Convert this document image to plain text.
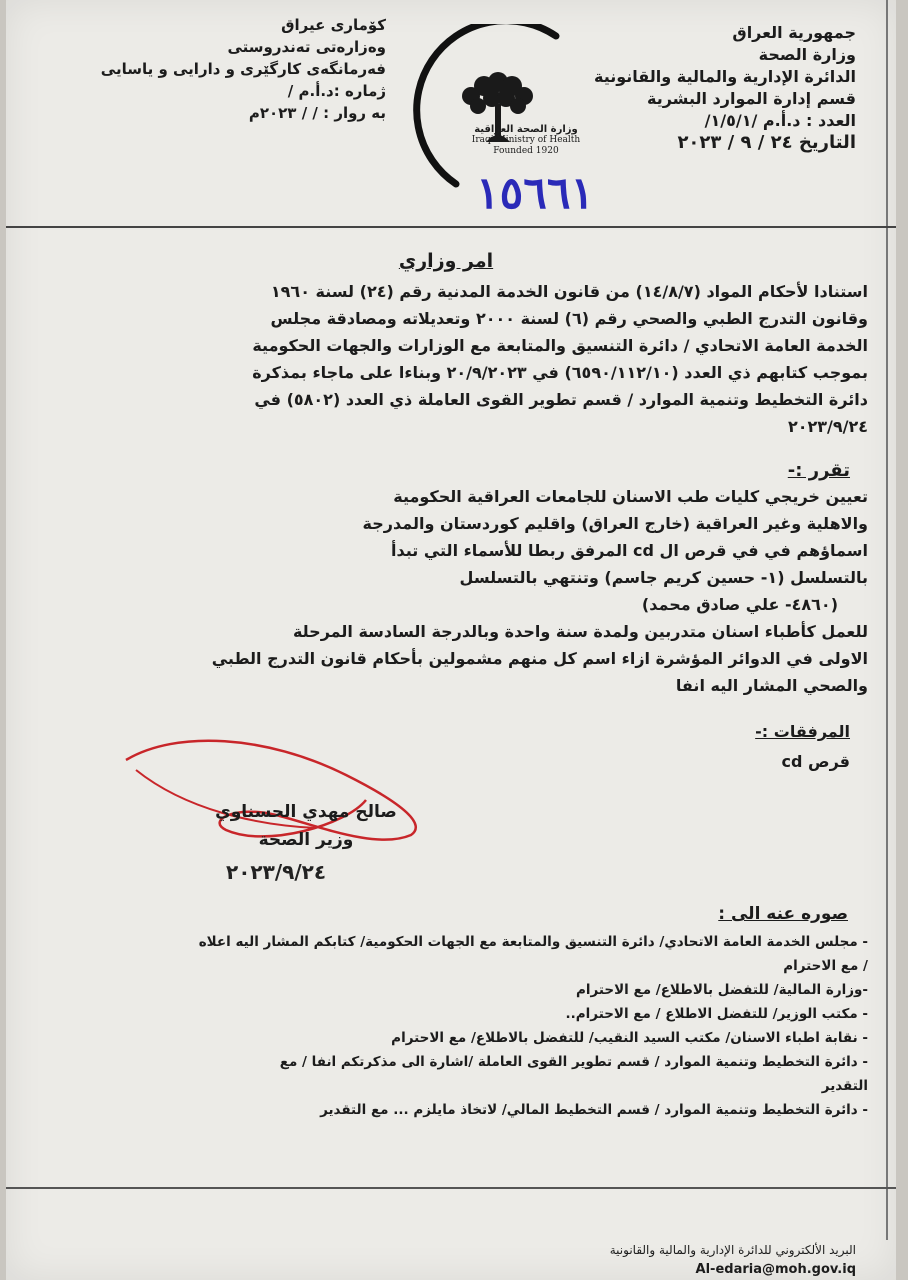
جمهورية العراق
وزارة الصحة
الدائرة الإدارية والمالية والقانونية
قسم إدارة الموارد البشرية
العدد : د.أ.م /١/٥/١/
التاريخ ٢٤ / ٩ / ٢٠٢٣
كۆماری عیراق
وەزارەتی تەندروستی
فەرمانگەی كارگێری و دارایی و یاسایی
ژمارە :د.أ.م /
بە روار : / / ٢٠٢٣م
وزارة الصحة العراقية
Iraqi Ministry of Health
Founded 1920
١٥٦٦١
امر وزاري

استنادا لأحكام المواد (١٤/٨/٧) من قانون الخدمة المدنية رقم (٢٤) لسنة ١٩٦٠

وقانون التدرج الطبي والصحي رقم (٦) لسنة ٢٠٠٠ وتعديلاته ومصادقة مجلس

الخدمة العامة الاتحادي / دائرة التنسيق والمتابعة مع الوزارات والجهات الحكومية

بموجب كتابهم ذي العدد (٦٥٩٠/١١٢/١٠) في ٢٠/٩/٢٠٢٣ وبناءا على ماجاء بمذكرة

دائرة التخطيط وتنمية الموارد / قسم تطوير القوى العاملة ذي العدد (٥٨٠٢) في

٢٠٢٣/٩/٢٤

تقرر :-

تعيين خريجي كليات طب الاسنان للجامعات العراقية الحكومية

والاهلية وغير العراقية (خارج العراق) واقليم كوردستان والمدرجة

اسماؤهم في في قرص ال cd المرفق ربطا للأسماء التي تبدأ

بالتسلسل (١- حسين كريم جاسم) وتنتهي بالتسلسل

(٤٨٦٠- علي صادق محمد)

للعمل كأطباء اسنان متدربين ولمدة سنة واحدة وبالدرجة السادسة المرحلة

الاولى في الدوائر المؤشرة ازاء اسم كل منهم مشمولين بأحكام قانون التدرج الطبي

والصحي المشار اليه انفا

المرفقات :-
قرص cd
صالح مهدي الحسناوي
وزير الصحة
٢٠٢٣/٩/٢٤
صوره عنه الى :

- مجلس الخدمة العامة الاتحادي/ دائرة التنسيق والمتابعة مع الجهات الحكومية/ كتابكم المشار اليه اعلاه

/ مع الاحترام

-وزارة المالية/ للتفضل بالاطلاع/ مع الاحترام

- مكتب الوزير/ للتفضل الاطلاع / مع الاحترام..

- نقابة اطباء الاسنان/ مكتب السيد النقيب/ للتفضل بالاطلاع/ مع الاحترام

- دائرة التخطيط وتنمية الموارد / قسم تطوير القوى العاملة /اشارة الى مذكرتكم انفا / مع

التقدير

- دائرة التخطيط وتنمية الموارد / قسم التخطيط المالي/ لاتخاذ مايلزم ... مع التقدير

البريد الألكتروني للدائرة الإدارية والمالية والقانونية
Al-edaria@moh.gov.iq
